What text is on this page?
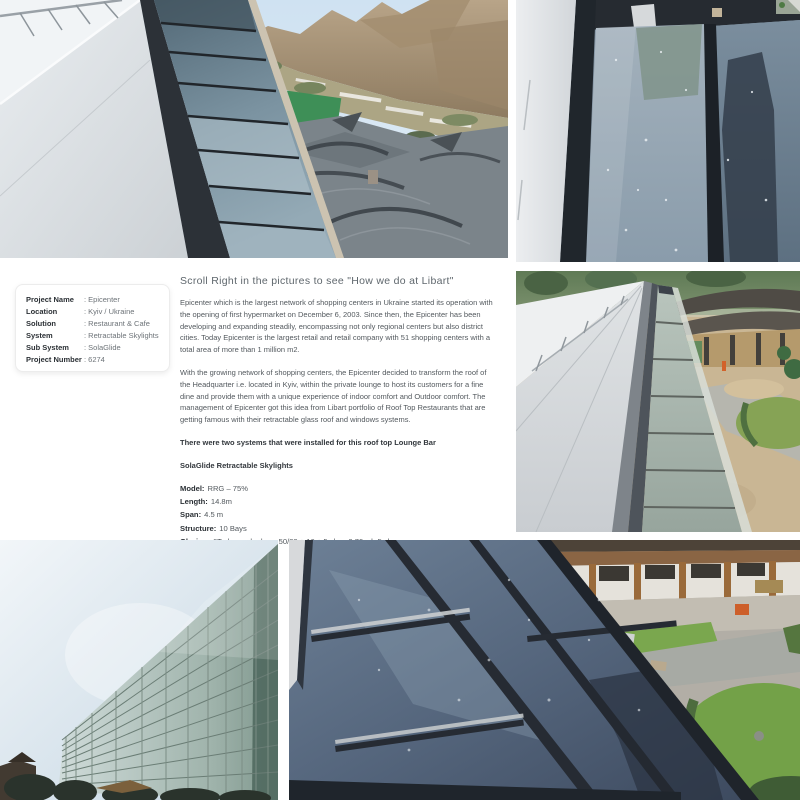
Project Name	: Epicenter
Location	: Kyiv / Ukraine
Solution	: Restaurant & Cafe
System	: Retractable Skylights
Sub System	: SolaGlide
Project Number : 6274
Scroll Right in the pictures to see "How we do at Libart"

Epicenter which is the largest network of shopping centers in Ukraine started its operation with the opening of first hypermarket on December 6, 2003. Since then, the Epicenter has been developing and expanding steadily, encompassing not only regional centers but also district cities. Today Epicenter is the largest retail and retail company with 51 shopping centers with a total area of more than 1 million m2.

With the growing network of shopping centers, the Epicenter decided to transform the roof of the Headquarter i.e. located in Kyiv, within the private lounge to host its customers for a fine dine and provide them with a unique experience of indoor comfort and Outdoor comfort. The management of Epicenter got this idea from Libart portfolio of Roof Top Restaurants that are getting famous with their retractable glass roof and windows systems.

There were two systems that were installed for this roof top Lounge Bar

SolaGlide Retractable Skylights
Model: RRG – 75%
Length: 14.8m
Span: 4.5 m
Structure: 10 Bays
